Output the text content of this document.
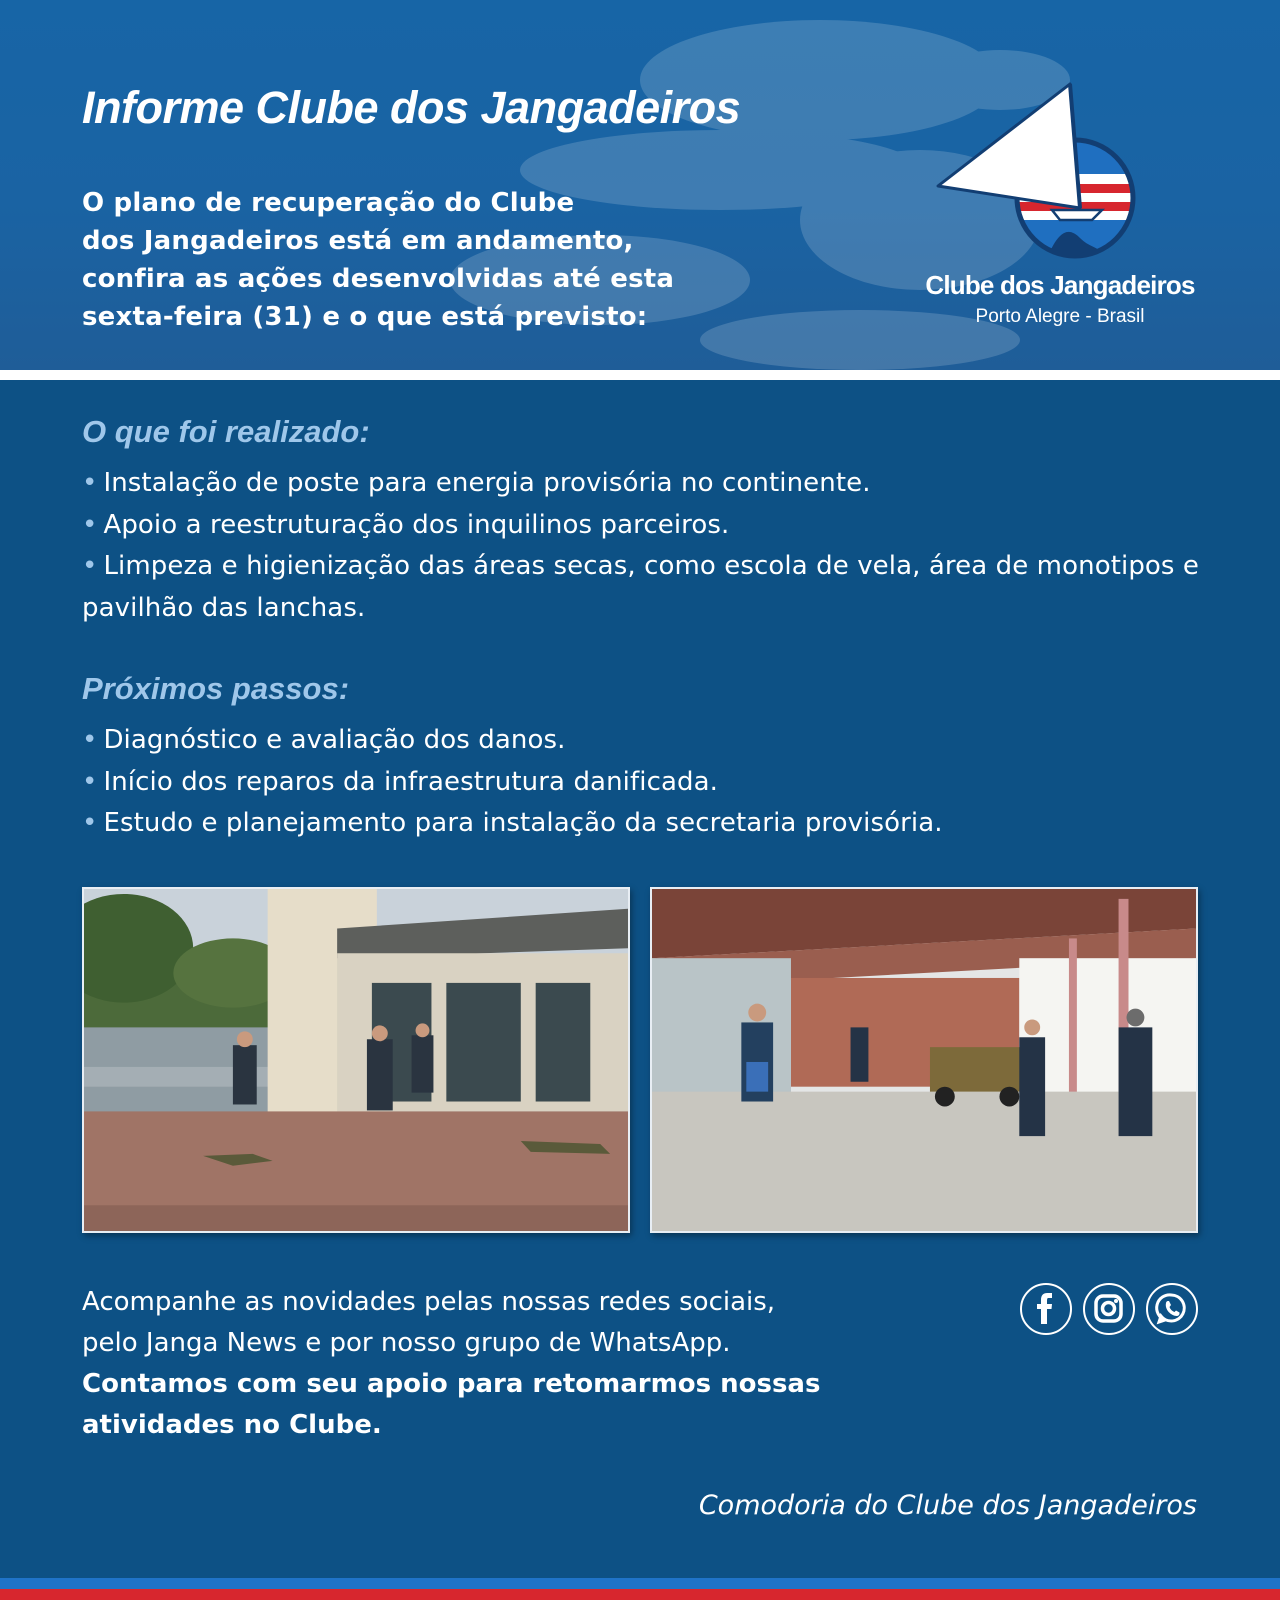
Informe Clube dos Jangadeiros
O plano de recuperação do Clube
dos Jangadeiros está em andamento,
confira as ações desenvolvidas até esta
sexta-feira (31) e o que está previsto:
Clube dos Jangadeiros
Porto Alegre - Brasil
O que foi realizado:
• Instalação de poste para energia provisória no continente.
• Apoio a reestruturação dos inquilinos parceiros.
• Limpeza e higienização das áreas secas, como escola de vela, área de monotipos e pavilhão das lanchas.
Próximos passos:
• Diagnóstico e avaliação dos danos.
• Início dos reparos da infraestrutura danificada.
• Estudo e planejamento para instalação da secretaria provisória.
Acompanhe as novidades pelas nossas redes sociais,
pelo Janga News e por nosso grupo de WhatsApp.
Contamos com seu apoio para retomarmos nossas
atividades no Clube.
Comodoria do Clube dos Jangadeiros
